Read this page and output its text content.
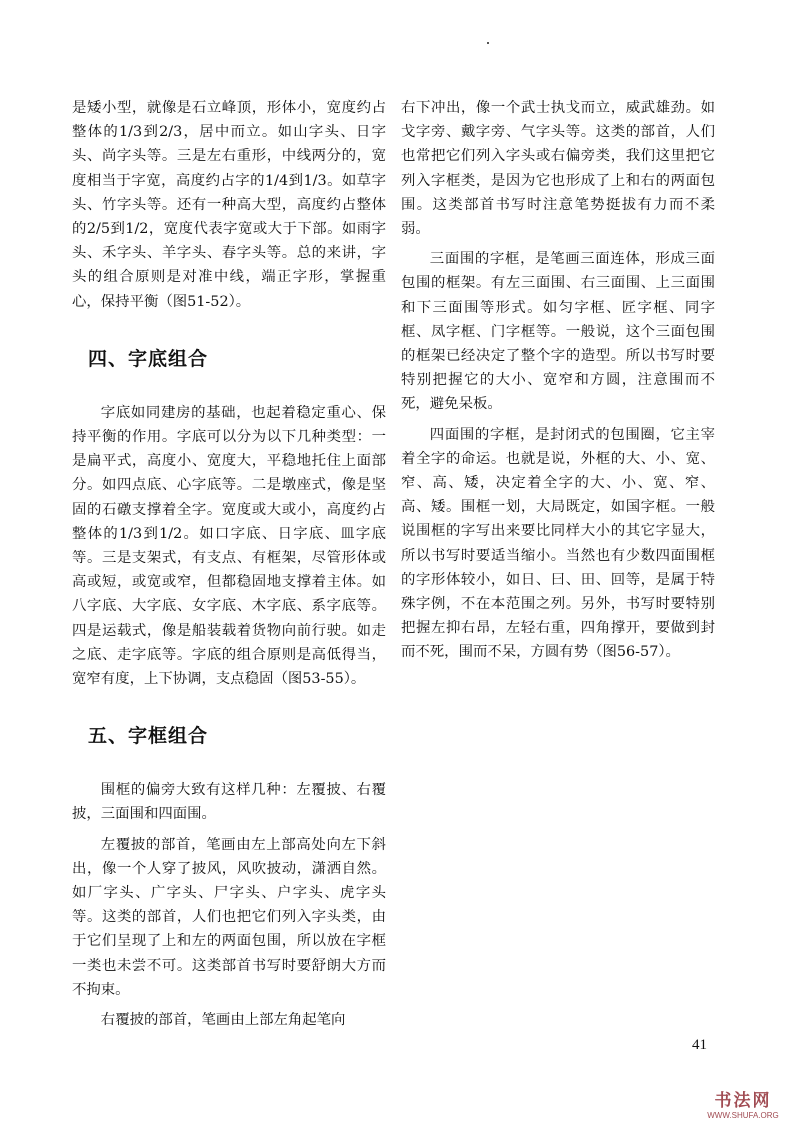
是矮小型，就像是石立峰顶，形体小，宽度约占整体的1/3到2/3，居中而立。如山字头、日字头、尚字头等。三是左右重形，中线两分的，宽度相当于字宽，高度约占字的1/4到1/3。如草字头、竹字头等。还有一种高大型，高度约占整体的2/5到1/2，宽度代表字宽或大于下部。如雨字头、禾字头、羊字头、春字头等。总的来讲，字头的组合原则是对准中线，端正字形，掌握重心，保持平衡（图51-52）。

四、字底组合

字底如同建房的基础，也起着稳定重心、保持平衡的作用。字底可以分为以下几种类型：一是扁平式，高度小、宽度大，平稳地托住上面部分。如四点底、心字底等。二是墩座式，像是坚固的石礅支撑着全字。宽度或大或小，高度约占整体的1/3到1/2。如口字底、日字底、皿字底等。三是支架式，有支点、有框架，尽管形体或高或短，或宽或窄，但都稳固地支撑着主体。如八字底、大字底、女字底、木字底、系字底等。四是运载式，像是船装载着货物向前行驶。如走之底、走字底等。字底的组合原则是高低得当，宽窄有度，上下协调，支点稳固（图53-55）。

五、字框组合

围框的偏旁大致有这样几种：左覆披、右覆披，三面围和四面围。

左覆披的部首，笔画由左上部高处向左下斜出，像一个人穿了披风，风吹披动，潇洒自然。如厂字头、广字头、尸字头、户字头、虎字头等。这类的部首，人们也把它们列入字头类，由于它们呈现了上和左的两面包围，所以放在字框一类也未尝不可。这类部首书写时要舒朗大方而不拘束。

右覆披的部首，笔画由上部左角起笔向

右下冲出，像一个武士执戈而立，威武雄劲。如戈字旁、戴字旁、气字头等。这类的部首，人们也常把它们列入字头或右偏旁类，我们这里把它列入字框类，是因为它也形成了上和右的两面包围。这类部首书写时注意笔势挺拔有力而不柔弱。

三面围的字框，是笔画三面连体，形成三面包围的框架。有左三面围、右三面围、上三面围和下三面围等形式。如匀字框、匠字框、同字框、凤字框、门字框等。一般说，这个三面包围的框架已经决定了整个字的造型。所以书写时要特别把握它的大小、宽窄和方圆，注意围而不死，避免呆板。

四面围的字框，是封闭式的包围圈，它主宰着全字的命运。也就是说，外框的大、小、宽、窄、高、矮，决定着全字的大、小、宽、窄、高、矮。围框一划，大局既定，如国字框。一般说围框的字写出来要比同样大小的其它字显大，所以书写时要适当缩小。当然也有少数四面围框的字形体较小，如日、曰、田、回等，是属于特殊字例，不在本范围之列。另外，书写时要特别把握左抑右昂，左轻右重，四角撑开，要做到封而不死，围而不呆，方圆有势（图56-57）。

41
书法网
WWW.SHUFA.ORG
